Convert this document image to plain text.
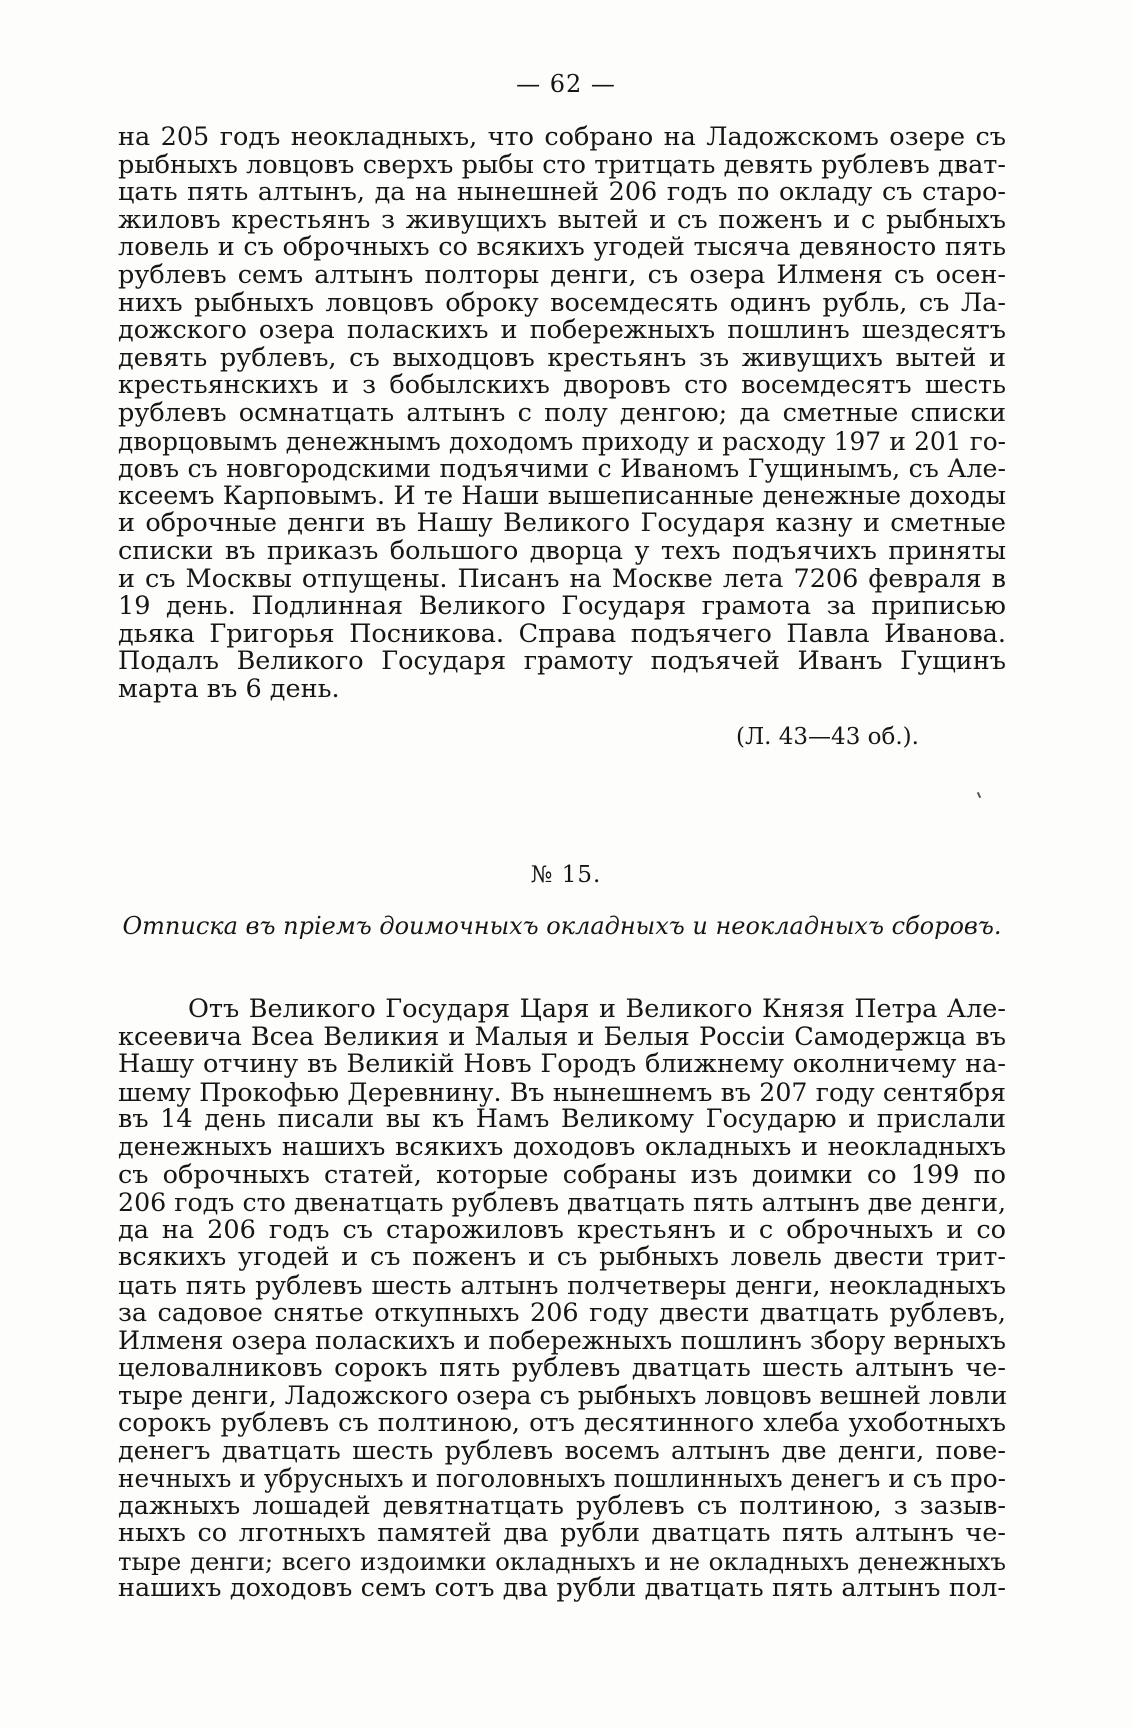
— 62 —
на 205 годъ неокладныхъ, что собрано на Ладожскомъ озере съ
рыбныхъ ловцовъ сверхъ рыбы сто тритцать девять рублевъ дват-
цать пять алтынъ, да на нынешней 206 годъ по окладу съ старо-
жиловъ крестьянъ з живущихъ вытей и съ поженъ и с рыбныхъ
ловель и съ оброчныхъ со всякихъ угодей тысяча девяносто пять
рублевъ семъ алтынъ полторы денги, съ озера Илменя съ осен-
нихъ рыбныхъ ловцовъ оброку восемдесять одинъ рубль, съ Ла-
дожского озера поласкихъ и побережныхъ пошлинъ шездесятъ
девять рублевъ, съ выходцовъ крестьянъ зъ живущихъ вытей и
крестьянскихъ и з бобылскихъ дворовъ сто восемдесятъ шесть
рублевъ осмнатцать алтынъ с полу денгою; да сметные списки
дворцовымъ денежнымъ доходомъ приходу и расходу 197 и 201 го-
довъ съ новгородскими подъячими с Иваномъ Гущинымъ, съ Але-
ксеемъ Карповымъ. И те Наши вышеписанные денежные доходы
и оброчные денги въ Нашу Великого Государя казну и сметные
списки въ приказъ большого дворца у техъ подъячихъ приняты
и съ Москвы отпущены. Писанъ на Москве лета 7206 февраля в
19 день. Подлинная Великого Государя грамота за приписью
дьяка Григорья Посникова. Справа подъячего Павла Иванова.
Подалъ Великого Государя грамоту подъячей Иванъ Гущинъ
марта въ 6 день.
(Л. 43—43 об.).
№ 15.
Отписка въ прiемъ доимочныхъ окладныхъ и неокладныхъ сборовъ.
Отъ Великого Государя Царя и Великого Князя Петра Але-
ксеевича Всеа Великия и Малыя и Белыя Россiи Самодержца въ
Нашу отчину въ Великiй Новъ Городъ ближнему околничему на-
шему Прокофью Деревнину. Въ нынешнемъ въ 207 году сентября
въ 14 день писали вы къ Намъ Великому Государю и прислали
денежныхъ нашихъ всякихъ доходовъ окладныхъ и неокладныхъ
съ оброчныхъ статей, которые собраны изъ доимки со 199 по
206 годъ сто двенатцать рублевъ дватцать пять алтынъ две денги,
да на 206 годъ съ старожиловъ крестьянъ и с оброчныхъ и со
всякихъ угодей и съ поженъ и съ рыбныхъ ловель двести трит-
цать пять рублевъ шесть алтынъ полчетверы денги, неокладныхъ
за садовое снятье откупныхъ 206 году двести дватцать рублевъ,
Илменя озера поласкихъ и побережныхъ пошлинъ збору верныхъ
целовалниковъ сорокъ пять рублевъ дватцать шесть алтынъ че-
тыре денги, Ладожского озера съ рыбныхъ ловцовъ вешней ловли
сорокъ рублевъ съ полтиною, отъ десятинного хлеба ухоботныхъ
денегъ дватцать шесть рублевъ восемъ алтынъ две денги, пове-
нечныхъ и убрусныхъ и поголовныхъ пошлинныхъ денегъ и съ про-
дажныхъ лошадей девятнатцать рублевъ съ полтиною, з зазыв-
ныхъ со лготныхъ памятей два рубли дватцать пять алтынъ че-
тыре денги; всего издоимки окладныхъ и не окладныхъ денежныхъ
нашихъ доходовъ семъ сотъ два рубли дватцать пять алтынъ пол-
